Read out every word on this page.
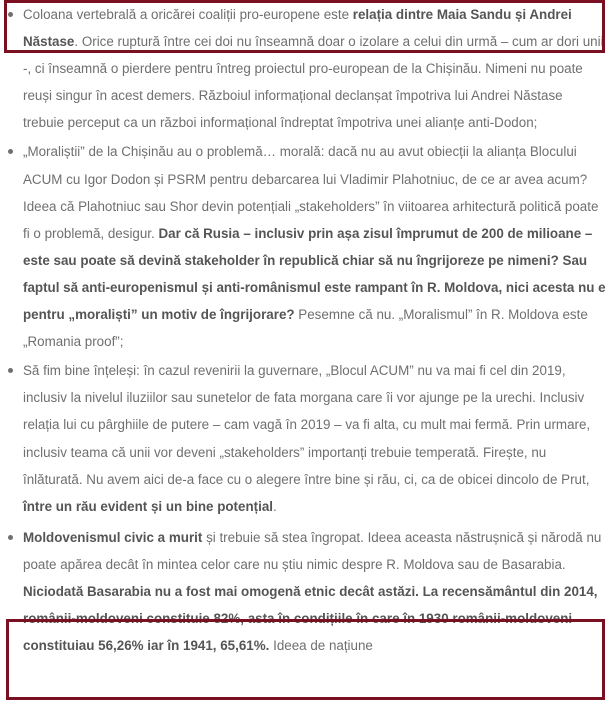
Coloana vertebrală a oricărei coaliții pro-europene este relația dintre Maia Sandu și Andrei Năstase. Orice ruptură între cei doi nu înseamnă doar o izolare a celui din urmă – cum ar dori unii -, ci înseamnă o pierdere pentru întreg proiectul pro-european de la Chișinău. Nimeni nu poate reuși singur în acest demers. Războiul informațional declanșat împotriva lui Andrei Năstase trebuie perceput ca un război informațional îndreptat împotriva unei alianțe anti-Dodon;
„Moraliștii” de la Chișinău au o problemă… morală: dacă nu au avut obiecții la alianța Blocului ACUM cu Igor Dodon și PSRM pentru debarcarea lui Vladimir Plahotniuc, de ce ar avea acum? Ideea că Plahotniuc sau Shor devin potențiali „stakeholders” în viitoarea arhitectură politică poate fi o problemă, desigur. Dar că Rusia – inclusiv prin așa zisul împrumut de 200 de milioane – este sau poate să devină stakeholder în republică chiar să nu îngrijoreze pe nimeni? Sau faptul să anti-europenismul și anti-românismul este rampant în R. Moldova, nici acesta nu e pentru „moraliști” un motiv de îngrijorare? Pesemne că nu. „Moralismul” în R. Moldova este „Romania proof”;
Să fim bine înțeleși: în cazul revenirii la guvernare, „Blocul ACUM” nu va mai fi cel din 2019, inclusiv la nivelul iluziilor sau sunetelor de fata morgana care îi vor ajunge pe la urechi. Inclusiv relația lui cu pârghiile de putere – cam vagă în 2019 – va fi alta, cu mult mai fermă. Prin urmare, inclusiv teama că unii vor deveni „stakeholders” importanți trebuie temperată. Firește, nu înlăturată. Nu avem aici de-a face cu o alegere între bine și rău, ci, ca de obicei dincolo de Prut, între un rău evident și un bine potențial.
Moldovenismul civic a murit și trebuie să stea îngropat. Ideea aceasta năstrușnică și nărodă nu poate apărea decât în mintea celor care nu știu nimic despre R. Moldova sau de Basarabia. Niciodată Basarabia nu a fost mai omogenă etnic decât astăzi. La recensământul din 2014, românii-moldoveni constituie 82%, asta în condițiile în care în 1930 românii-moldoveni constituiau 56,26% iar în 1941, 65,61%. Ideea de națiune
